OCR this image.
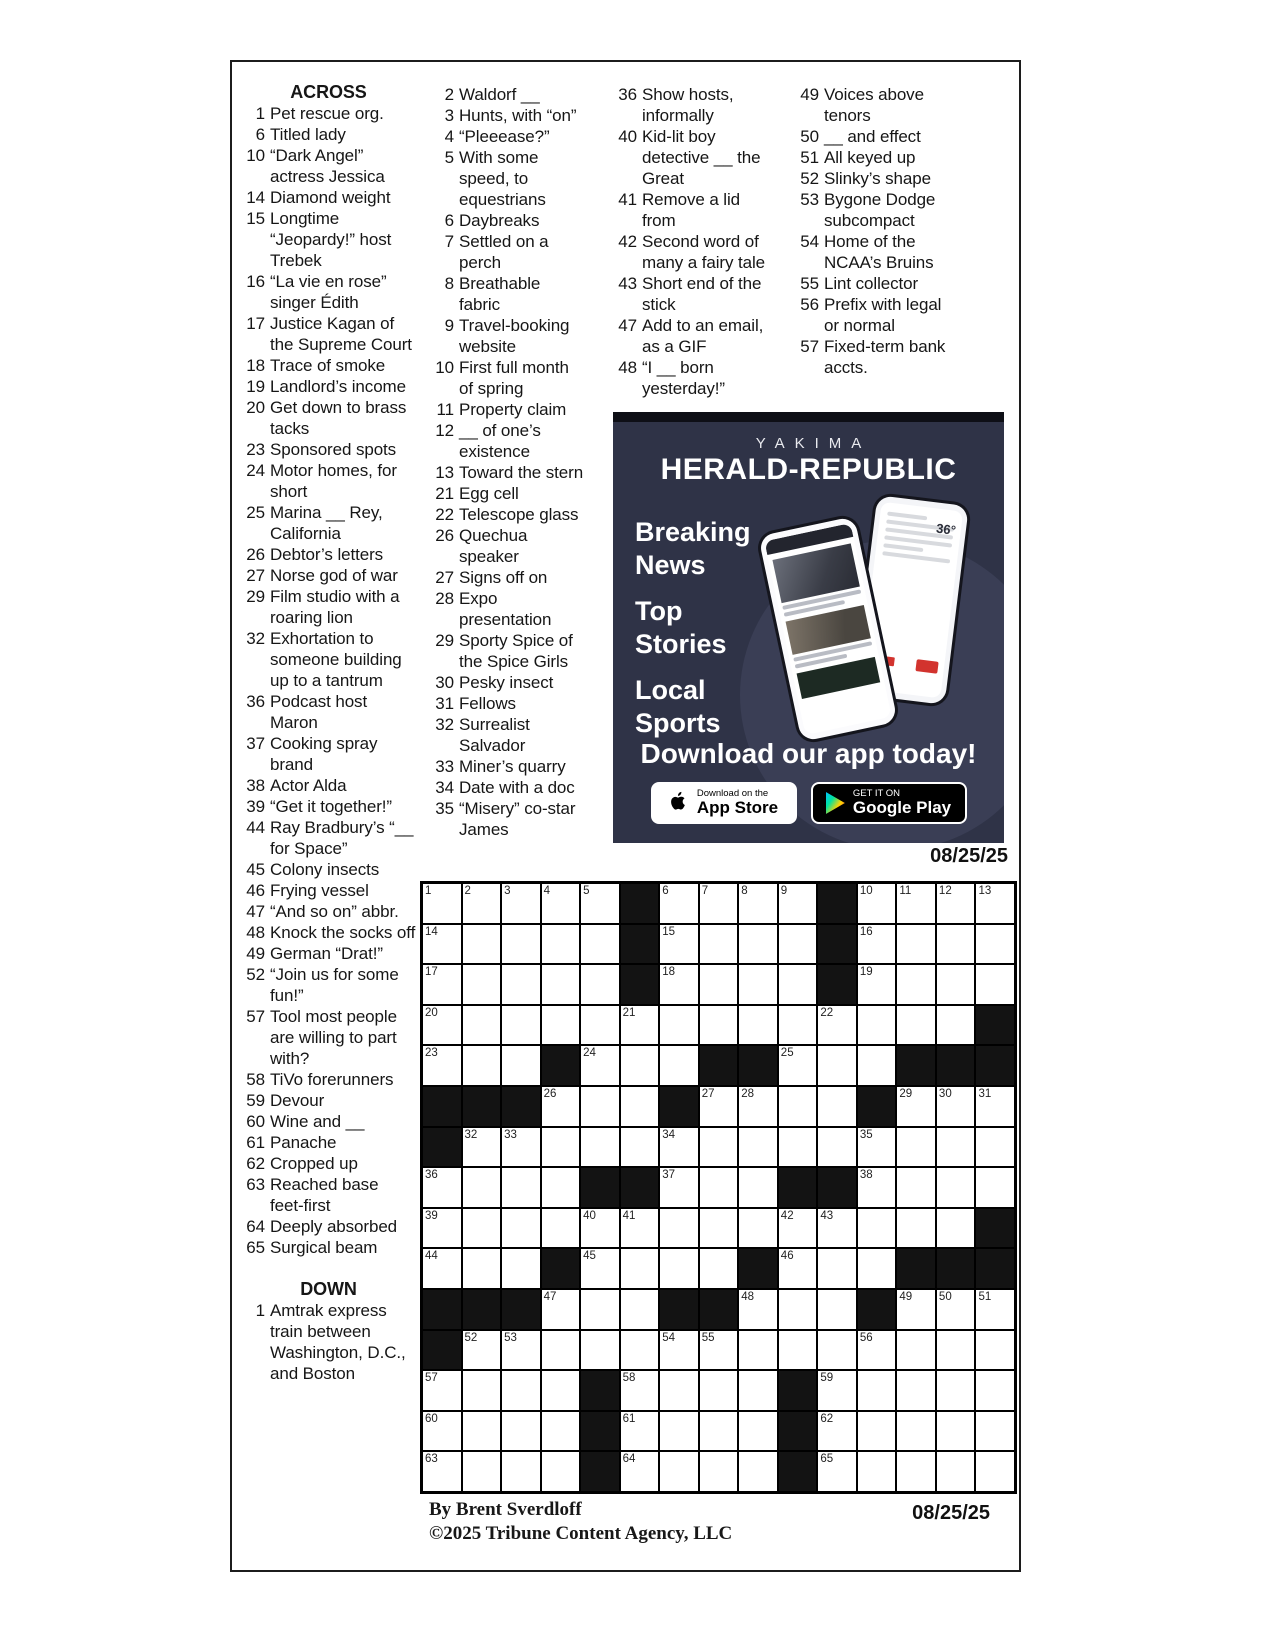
ACROSS
1 Pet rescue org.
6 Titled lady
10 “Dark Angel” actress Jessica
14 Diamond weight
15 Longtime “Jeopardy!” host Trebek
16 “La vie en rose” singer Édith
17 Justice Kagan of the Supreme Court
18 Trace of smoke
19 Landlord’s income
20 Get down to brass tacks
23 Sponsored spots
24 Motor homes, for short
25 Marina __ Rey, California
26 Debtor’s letters
27 Norse god of war
29 Film studio with a roaring lion
32 Exhortation to someone building up to a tantrum
36 Podcast host Maron
37 Cooking spray brand
38 Actor Alda
39 “Get it together!”
44 Ray Bradbury’s “__ for Space”
45 Colony insects
46 Frying vessel
47 “And so on” abbr.
48 Knock the socks off
49 German “Drat!”
52 “Join us for some fun!”
57 Tool most people are willing to part with?
58 TiVo forerunners
59 Devour
60 Wine and __
61 Panache
62 Cropped up
63 Reached base feet-first
64 Deeply absorbed
65 Surgical beam
DOWN
1 Amtrak express train between Washington, D.C., and Boston
2 Waldorf __
3 Hunts, with “on”
4 “Pleeease?”
5 With some speed, to equestrians
6 Daybreaks
7 Settled on a perch
8 Breathable fabric
9 Travel-booking website
10 First full month of spring
11 Property claim
12 __ of one’s existence
13 Toward the stern
21 Egg cell
22 Telescope glass
26 Quechua speaker
27 Signs off on
28 Expo presentation
29 Sporty Spice of the Spice Girls
30 Pesky insect
31 Fellows
32 Surrealist Salvador
33 Miner’s quarry
34 Date with a doc
35 “Misery” co-star James
36 Show hosts, informally
40 Kid-lit boy detective __ the Great
41 Remove a lid from
42 Second word of many a fairy tale
43 Short end of the stick
47 Add to an email, as a GIF
48 “I __ born yesterday!”
49 Voices above tenors
50 __ and effect
51 All keyed up
52 Slinky’s shape
53 Bygone Dodge subcompact
54 Home of the NCAA’s Bruins
55 Lint collector
56 Prefix with legal or normal
57 Fixed-term bank accts.
YAKIMA
HERALD-REPUBLIC
Breaking News
Top Stories
Local Sports
36°
Download our app today!
Download on the
App Store
GET IT ON
Google Play
08/25/25
08/25/25
1	2	3	4	5	6	7	8	9	10 11 12 13
14	15	16
17	18	19
20	21	22
23	24	25
26	27 28	29 30 31
32 33	34	35
36	37	38
39	40 41	42 43
44	45	46
47	48	49 50 51
52 53	54 55	56
57	58	59
60	61	62
63	64	65
By Brent Sverdloff
©2025 Tribune Content Agency, LLC
